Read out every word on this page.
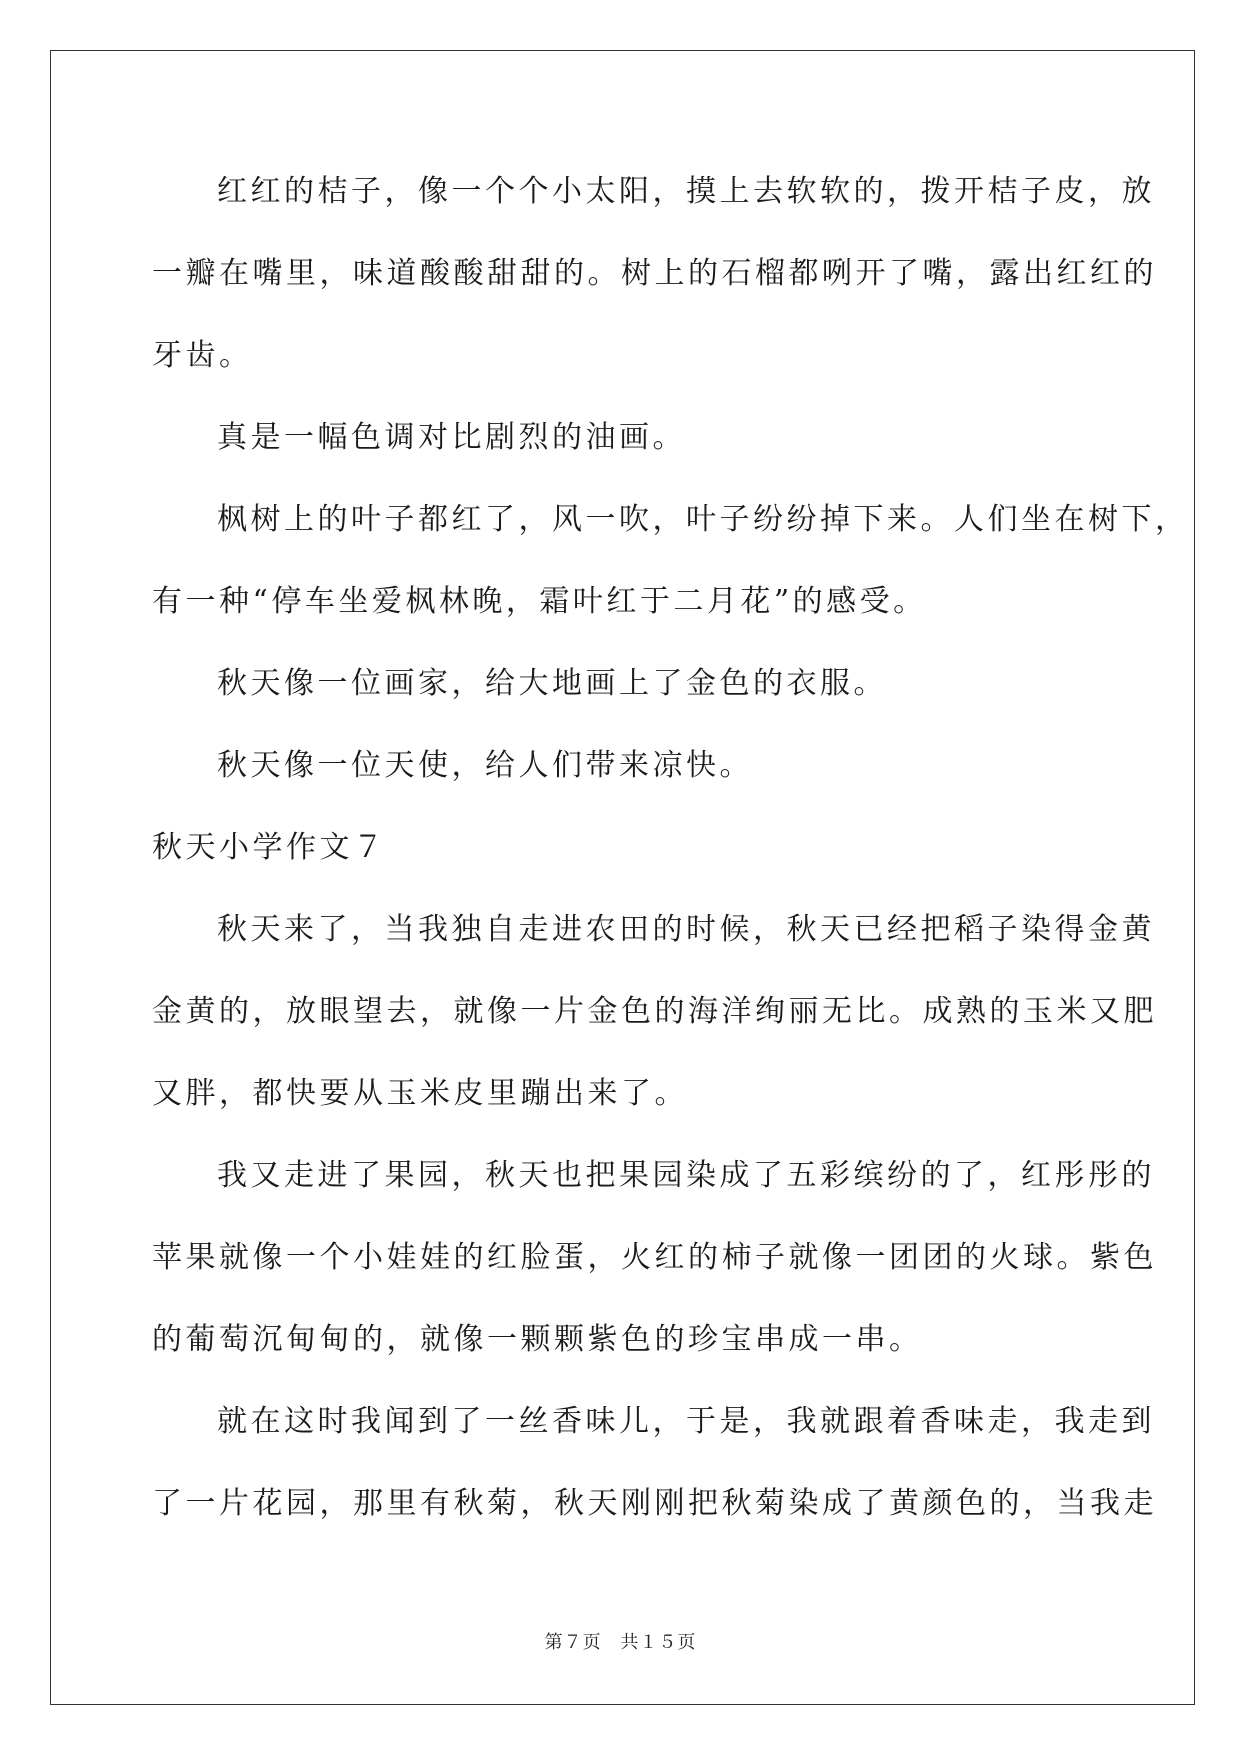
红红的桔子，像一个个小太阳，摸上去软软的，拨开桔子皮，放
一瓣在嘴里，味道酸酸甜甜的。树上的石榴都咧开了嘴，露出红红的
牙齿。
真是一幅色调对比剧烈的油画。
枫树上的叶子都红了，风一吹，叶子纷纷掉下来。人们坐在树下，
有一种“停车坐爱枫林晚，霜叶红于二月花”的感受。
秋天像一位画家，给大地画上了金色的衣服。
秋天像一位天使，给人们带来凉快。
秋天小学作文７
秋天来了，当我独自走进农田的时候，秋天已经把稻子染得金黄
金黄的，放眼望去，就像一片金色的海洋绚丽无比。成熟的玉米又肥
又胖，都快要从玉米皮里蹦出来了。
我又走进了果园，秋天也把果园染成了五彩缤纷的了，红彤彤的
苹果就像一个小娃娃的红脸蛋，火红的柿子就像一团团的火球。紫色
的葡萄沉甸甸的，就像一颗颗紫色的珍宝串成一串。
就在这时我闻到了一丝香味儿，于是，我就跟着香味走，我走到
了一片花园，那里有秋菊，秋天刚刚把秋菊染成了黄颜色的，当我走
第７页 共１５页
